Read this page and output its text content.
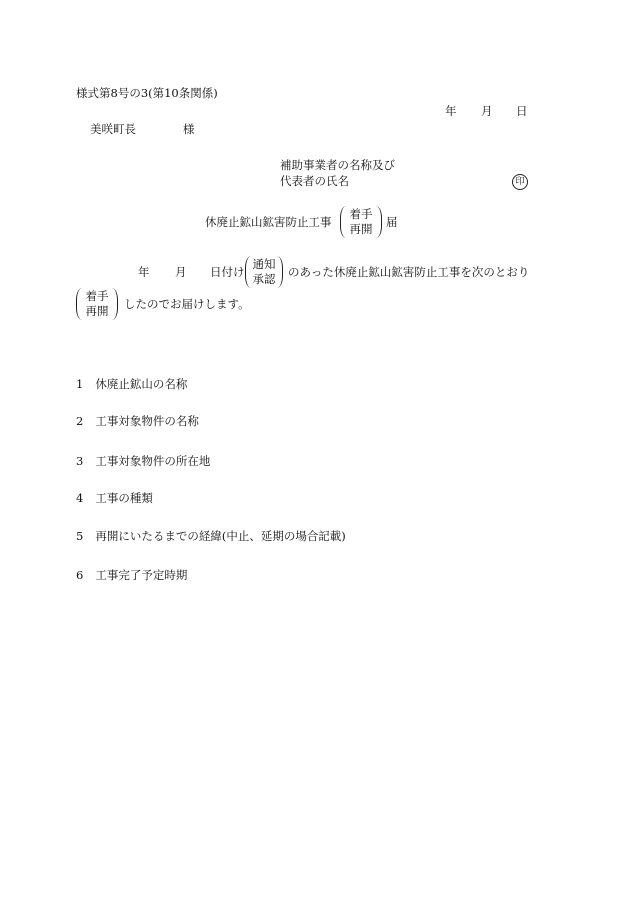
様式第8号の3(第10条関係)
年 月 日
美咲町長	様
補助事業者の名称及び
代表者の氏名	印
休廃止鉱山鉱害防止工事
着手
再開 届
年 月 日付け
通知
承認 のあった休廃止鉱山鉱害防止工事を次のとおり
着手
再開 したのでお届けします。
1 休廃止鉱山の名称
2 工事対象物件の名称
3 工事対象物件の所在地
4 工事の種類
5 再開にいたるまでの経緯(中止、延期の場合記載)
6 工事完了予定時期
